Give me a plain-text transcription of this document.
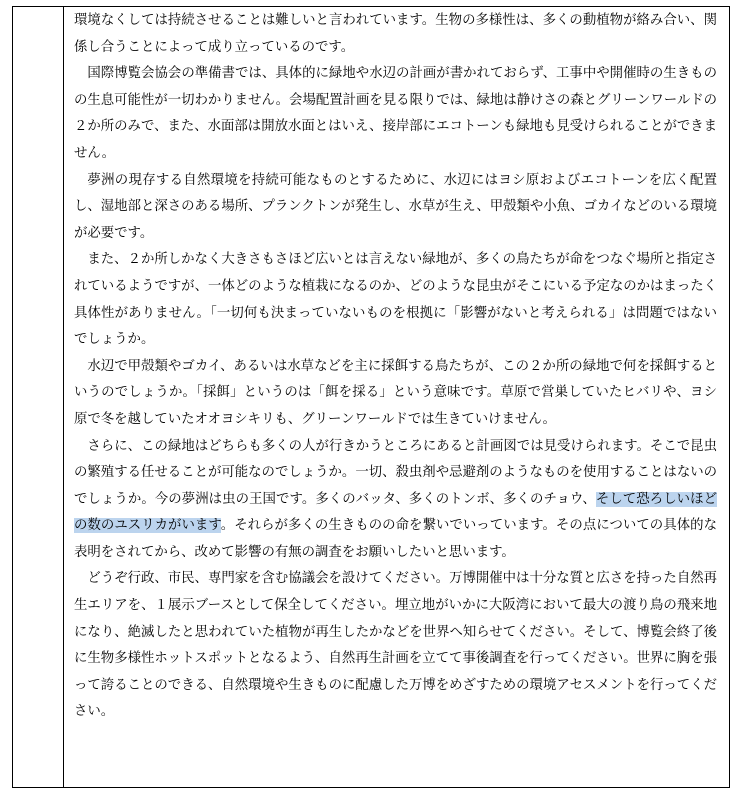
環境なくしては持続させることは難しいと言われています。生物の多様性は、多くの動植物が絡み合い、関係し合うことによって成り立っているのです。

国際博覧会協会の準備書では、具体的に緑地や水辺の計画が書かれておらず、工事中や開催時の生きものの生息可能性が一切わかりません。会場配置計画を見る限りでは、緑地は静けさの森とグリーンワールドの２か所のみで、また、水面部は開放水面とはいえ、接岸部にエコトーンも緑地も見受けられることができません。

夢洲の現存する自然環境を持続可能なものとするために、水辺にはヨシ原およびエコトーンを広く配置し、湿地部と深さのある場所、プランクトンが発生し、水草が生え、甲殻類や小魚、ゴカイなどのいる環境が必要です。

また、２か所しかなく大きさもさほど広いとは言えない緑地が、多くの鳥たちが命をつなぐ場所と指定されているようですが、一体どのような植栽になるのか、どのような昆虫がそこにいる予定なのかはまったく具体性がありません。「一切何も決まっていないものを根拠に「影響がないと考えられる」は問題ではないでしょうか。

水辺で甲殻類やゴカイ、あるいは水草などを主に採餌する鳥たちが、この２か所の緑地で何を採餌するというのでしょうか。「採餌」というのは「餌を採る」という意味です。草原で営巣していたヒバリや、ヨシ原で冬を越していたオオヨシキリも、グリーンワールドでは生きていけません。

さらに、この緑地はどちらも多くの人が行きかうところにあると計画図では見受けられます。そこで昆虫の繁殖する任せることが可能なのでしょうか。一切、殺虫剤や忌避剤のようなものを使用することはないのでしょうか。今の夢洲は虫の王国です。多くのバッタ、多くのトンボ、多くのチョウ、そして恐ろしいほどの数のユスリカがいます。それらが多くの生きものの命を繋いでいっています。その点についての具体的な表明をされてから、改めて影響の有無の調査をお願いしたいと思います。

どうぞ行政、市民、専門家を含む協議会を設けてください。万博開催中は十分な質と広さを持った自然再生エリアを、１展示ブースとして保全してください。埋立地がいかに大阪湾において最大の渡り鳥の飛来地になり、絶滅したと思われていた植物が再生したかなどを世界へ知らせてください。そして、博覧会終了後に生物多様性ホットスポットとなるよう、自然再生計画を立てて事後調査を行ってください。世界に胸を張って誇ることのできる、自然環境や生きものに配慮した万博をめざすための環境アセスメントを行ってください。
